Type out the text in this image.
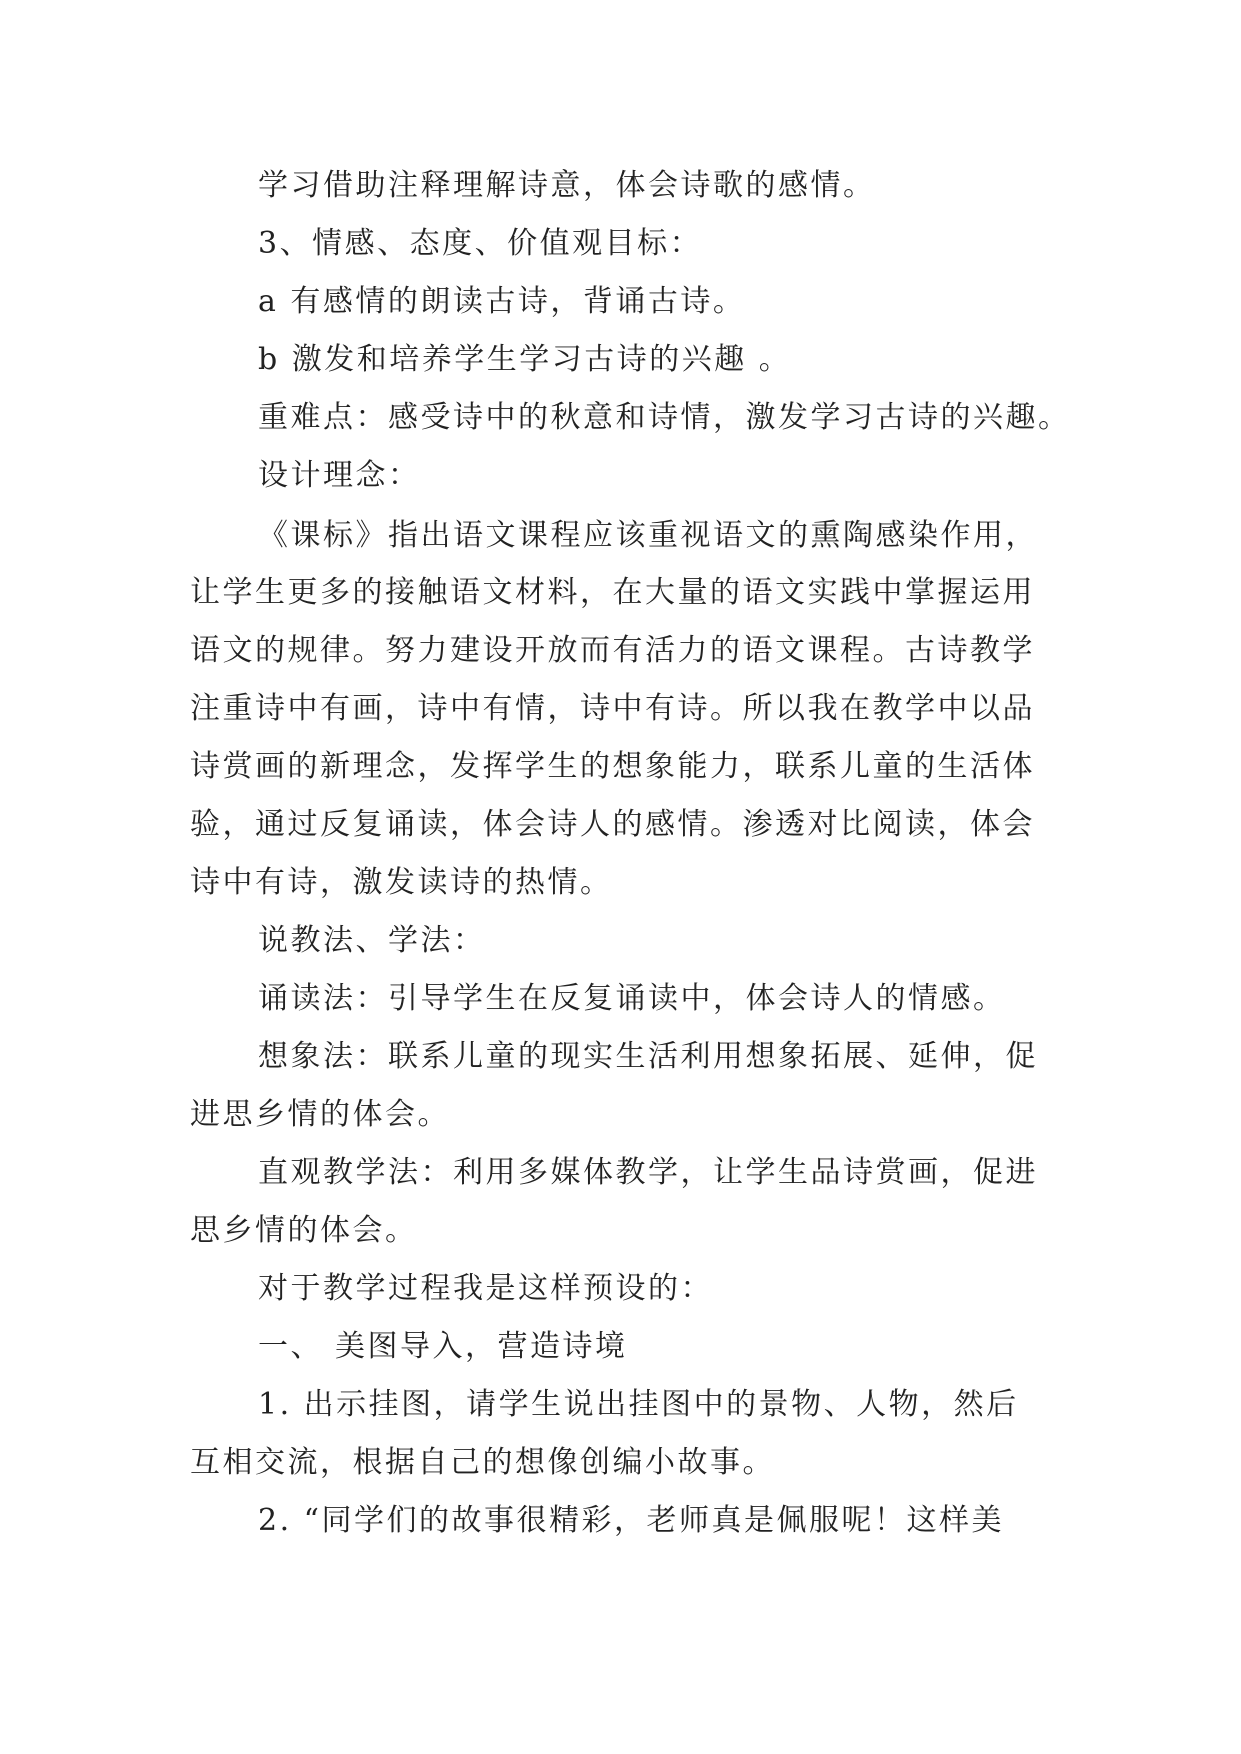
学习借助注释理解诗意，体会诗歌的感情。
3、情感、态度、价值观目标：
a 有感情的朗读古诗，背诵古诗。
b 激发和培养学生学习古诗的兴趣 。
重难点：感受诗中的秋意和诗情，激发学习古诗的兴趣。
设计理念：
《课标》指出语文课程应该重视语文的熏陶感染作用，
让学生更多的接触语文材料，在大量的语文实践中掌握运用
语文的规律。努力建设开放而有活力的语文课程。古诗教学
注重诗中有画，诗中有情，诗中有诗。所以我在教学中以品
诗赏画的新理念，发挥学生的想象能力，联系儿童的生活体
验，通过反复诵读，体会诗人的感情。渗透对比阅读，体会
诗中有诗，激发读诗的热情。
说教法、学法：
诵读法：引导学生在反复诵读中，体会诗人的情感。
想象法：联系儿童的现实生活利用想象拓展、延伸，促
进思乡情的体会。
直观教学法：利用多媒体教学，让学生品诗赏画，促进
思乡情的体会。
对于教学过程我是这样预设的：
一、 美图导入，营造诗境
1. 出示挂图，请学生说出挂图中的景物、人物，然后
互相交流，根据自己的想像创编小故事。
2. “同学们的故事很精彩，老师真是佩服呢！这样美
